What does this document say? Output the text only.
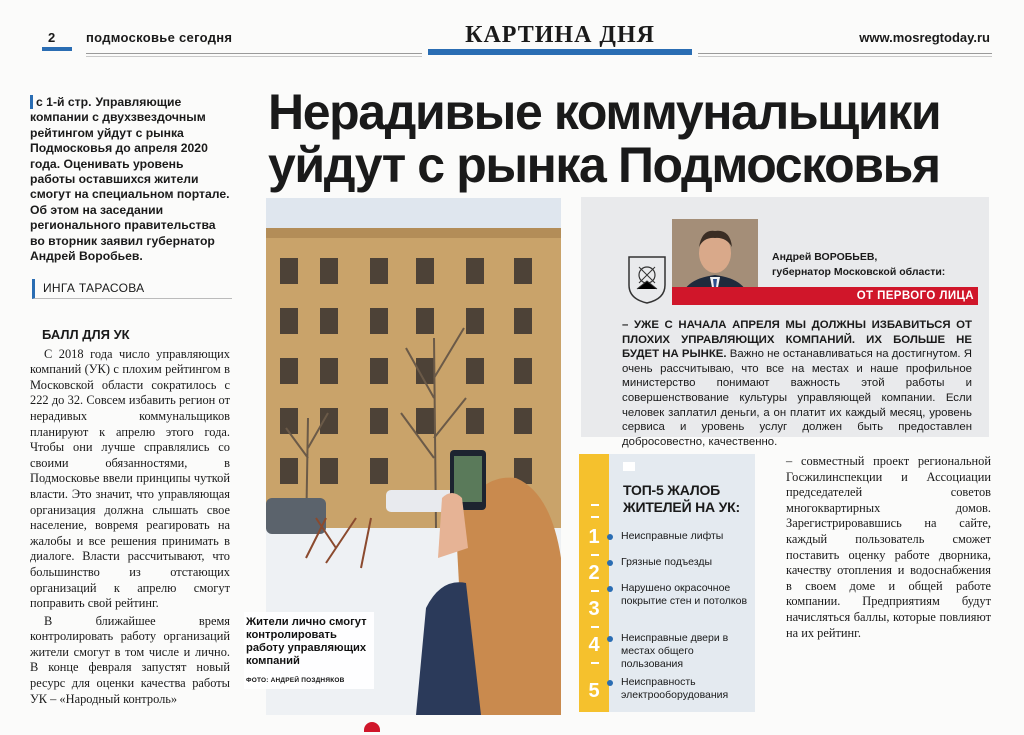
2 подмосковье сегодня	КАРТИНА ДНЯ	www.mosregtoday.ru
с 1-й стр. Управляющие компании с двухзвездочным рейтингом уйдут с рынка Подмосковья до апреля 2020 года. Оценивать уровень работы оставшихся жители смогут на специальном портале. Об этом на заседании регионального правительства во вторник заявил губернатор Андрей Воробьев.
ИНГА ТАРАСОВА
БАЛЛ ДЛЯ УК

С 2018 года число управляющих компаний (УК) с плохим рейтингом в Московской области сократилось с 222 до 32. Совсем избавить регион от нерадивых коммунальщиков планируют к апрелю этого года. Чтобы они лучше справлялись со своими обязанностями, в Подмосковье ввели принципы чуткой власти. Это значит, что управляющая организация должна слышать свое население, вовремя реагировать на жалобы и все решения принимать в диалоге. Власти рассчитывают, что большинство из отстающих организаций к апрелю смогут поправить свой рейтинг.

В ближайшее время контролировать работу организаций жители смогут в том числе и лично. В конце февраля запустят новый ресурс для оценки качества работы УК – «Народный контроль»

Нерадивые коммунальщики уйдут с рынка Подмосковья
Жители лично смогут контролировать работу управляющих компаний
ФОТО: АНДРЕЙ ПОЗДНЯКОВ
Андрей ВОРОБЬЕВ,
губернатор Московской области:
ОТ ПЕРВОГО ЛИЦА
– УЖЕ С НАЧАЛА АПРЕЛЯ МЫ ДОЛЖНЫ ИЗБАВИТЬСЯ ОТ ПЛОХИХ УПРАВЛЯЮЩИХ КОМПАНИЙ. ИХ БОЛЬШЕ НЕ БУДЕТ НА РЫНКЕ. Важно не останавливаться на достигнутом. Я очень рассчитываю, что все на местах и наше профильное министерство понимают важность этой работы и совершенствование культуры управляющей компании. Если человек заплатил деньги, а он платит их каждый месяц, уровень сервиса и уровень услуг должен быть предоставлен добросовестно, качественно.
1
2
3
4
5
ТОП-5 ЖАЛОБ ЖИТЕЛЕЙ НА УК:
Неисправные лифты
Грязные подъезды
Нарушено окрасочное покрытие стен и потолков
Неисправные двери в местах общего пользования
Неисправность электрооборудования
– совместный проект региональной Госжилинспекции и Ассоциации председателей советов многоквартирных домов. Зарегистрировавшись на сайте, каждый пользователь сможет поставить оценку работе дворника, качеству отопления и водоснабжения в своем доме и общей работе компании. Предприятиям будут начисляться баллы, которые повлияют на их рейтинг.
